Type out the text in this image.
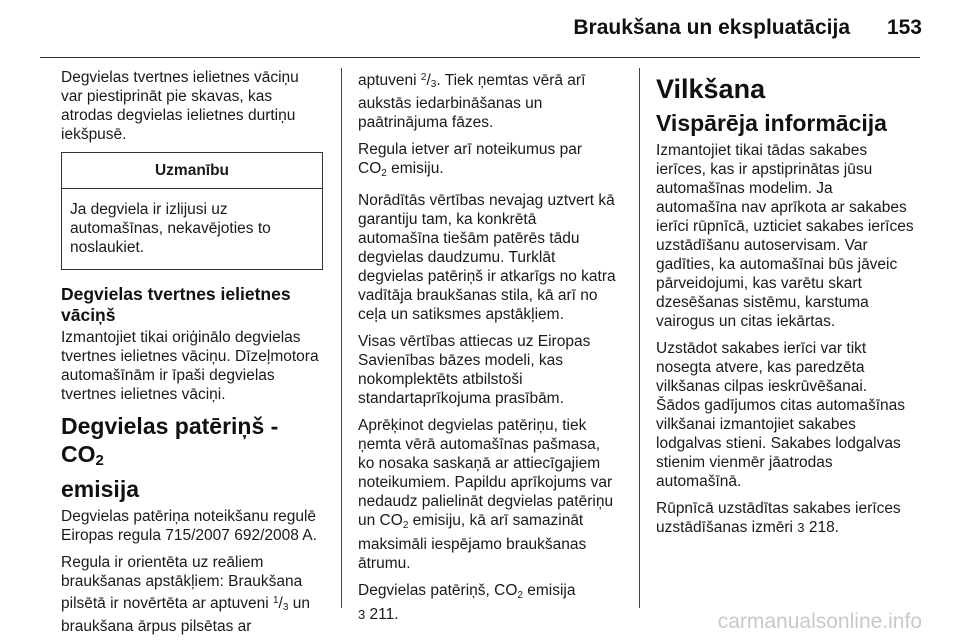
Braukšana un ekspluatācija 153

Degvielas tvertnes ielietnes vāciņu
var piestiprināt pie skavas, kas
atrodas degvielas ielietnes durtiņu
iekšpusē.

Uzmanību
Ja degviela ir izlijusi uz
automašīnas, nekavējoties to
noslaukiet.
Degvielas tvertnes ielietnes
vāciņš

Izmantojiet tikai oriģinālo degvielas
tvertnes ielietnes vāciņu. Dīzeļmotora
automašīnām ir īpaši degvielas
tvertnes ielietnes vāciņi.

Degvielas patēriņš - $CO_2$
emisija

Degvielas patēriņa noteikšanu regulē
Eiropas regula 715/2007 692/2008 A.

Regula ir orientēta uz reāliem
braukšanas apstākļiem: Braukšana
pilsētā ir novērtēta ar aptuveni $^1/_3$ un
braukšana ārpus pilsētas ar

aptuveni $^2/_3$. Tiek ņemtas vērā arī
aukstās iedarbināšanas un
paātrinājuma fāzes.

Regula ietver arī noteikumus par
$CO_2$ emisiju.

Norādītās vērtības nevajag uztvert kā
garantiju tam, ka konkrētā
automašīna tiešām patērēs tādu
degvielas daudzumu. Turklāt
degvielas patēriņš ir atkarīgs no katra
vadītāja braukšanas stila, kā arī no
ceļa un satiksmes apstākļiem.

Visas vērtības attiecas uz Eiropas
Savienības bāzes modeli, kas
nokomplektēts atbilstoši
standartaprīkojuma prasībām.

Aprēķinot degvielas patēriņu, tiek
ņemta vērā automašīnas pašmasa,
ko nosaka saskaņā ar attiecīgajiem
noteikumiem. Papildu aprīkojums var
nedaudz palielināt degvielas patēriņu
un $CO_2$ emisiju, kā arī samazināt
maksimāli iespējamo braukšanas
ātrumu.

Degvielas patēriņš, $CO_2$ emisija
3 211.

Vilkšana
Vispārēja informācija

Izmantojiet tikai tādas sakabes
ierīces, kas ir apstiprinātas jūsu
automašīnas modelim. Ja
automašīna nav aprīkota ar sakabes
ierīci rūpnīcā, uzticiet sakabes ierīces
uzstādīšanu autoservisam. Var
gadīties, ka automašīnai būs jāveic
pārveidojumi, kas varētu skart
dzesēšanas sistēmu, karstuma
vairogus un citas iekārtas.

Uzstādot sakabes ierīci var tikt
nosegta atvere, kas paredzēta
vilkšanas cilpas ieskrūvēšanai.
Šādos gadījumos citas automašīnas
vilkšanai izmantojiet sakabes
lodgalvas stieni. Sakabes lodgalvas
stienim vienmēr jāatrodas
automašīnā.

Rūpnīcā uzstādītas sakabes ierīces
uzstādīšanas izmēri 3 218.

carmanualsonline.info
